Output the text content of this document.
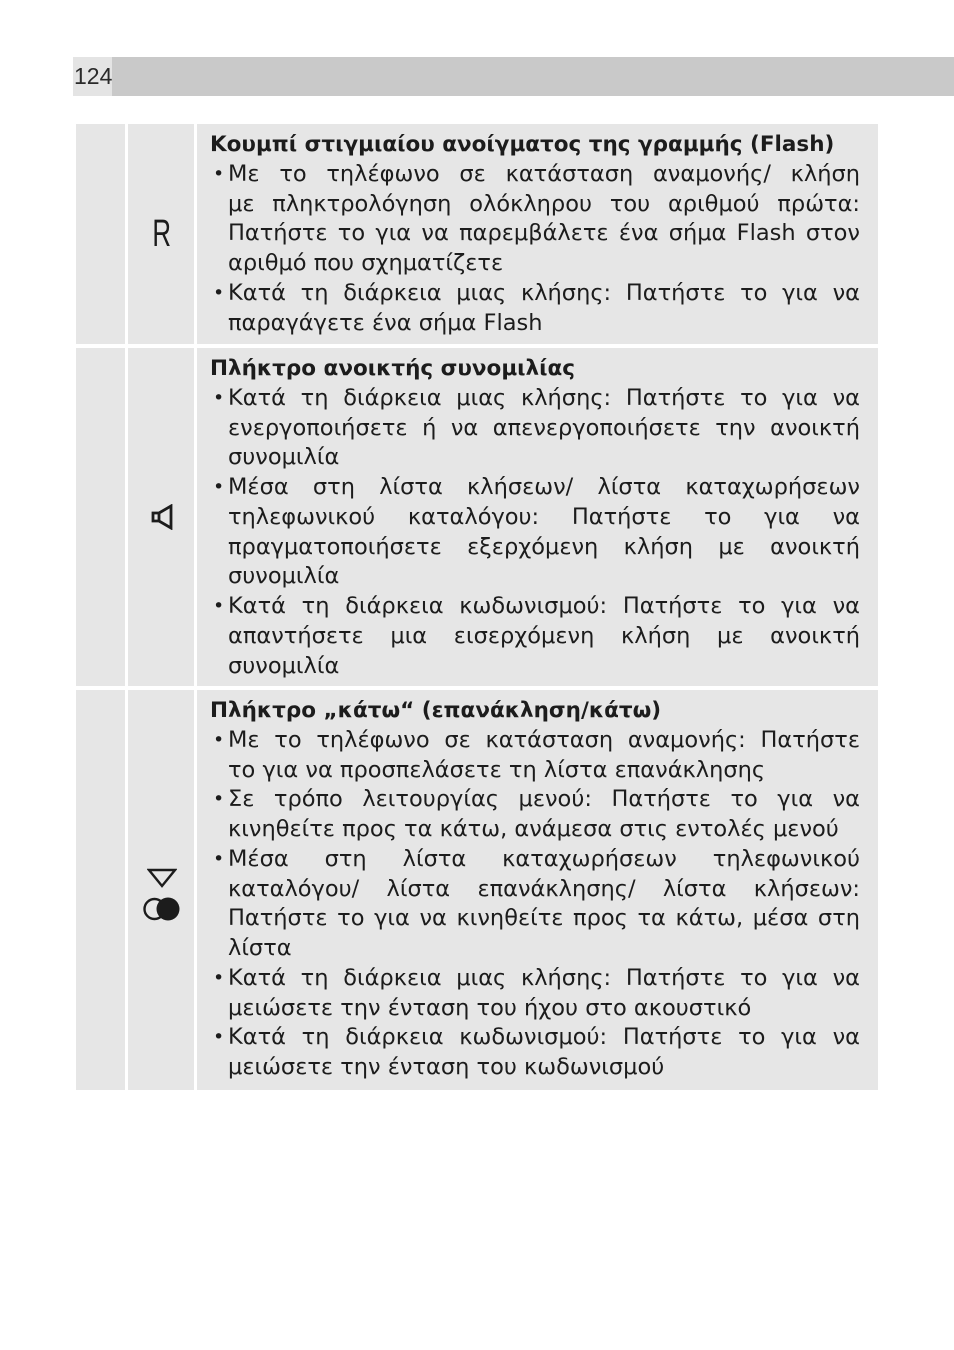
124
R
Κουμπί στιγμιαίου ανοίγματος της γραμμής (Flash)
• Με το τηλέφωνο σε κατάσταση αναμονής/ κλήση
με πληκτρολόγηση ολόκληρου του αριθμού πρώτα:
Πατήστε το για να παρεμβάλετε ένα σήμα Flash στον
αριθμό που σχηματίζετε
• Κατά τη διάρκεια μιας κλήσης: Πατήστε το για να
παραγάγετε ένα σήμα Flash
Πλήκτρο ανοικτής συνομιλίας
• Κατά τη διάρκεια μιας κλήσης: Πατήστε το για να
ενεργοποιήσετε ή να απενεργοποιήσετε την ανοικτή
συνομιλία
• Μέσα στη λίστα κλήσεων/ λίστα καταχωρήσεων
τηλεφωνικού καταλόγου: Πατήστε το για να
πραγματοποιήσετε εξερχόμενη κλήση με ανοικτή
συνομιλία
• Κατά τη διάρκεια κωδωνισμού: Πατήστε το για να
απαντήσετε μια εισερχόμενη κλήση με ανοικτή
συνομιλία
Πλήκτρο „κάτω“ (επανάκληση/κάτω)
• Με το τηλέφωνο σε κατάσταση αναμονής: Πατήστε
το για να προσπελάσετε τη λίστα επανάκλησης
• Σε τρόπο λειτουργίας μενού: Πατήστε το για να
κινηθείτε προς τα κάτω, ανάμεσα στις εντολές μενού
• Μέσα στη λίστα καταχωρήσεων τηλεφωνικού
καταλόγου/ λίστα επανάκλησης/ λίστα κλήσεων:
Πατήστε το για να κινηθείτε προς τα κάτω, μέσα στη
λίστα
• Κατά τη διάρκεια μιας κλήσης: Πατήστε το για να
μειώσετε την ένταση του ήχου στο ακουστικό
• Κατά τη διάρκεια κωδωνισμού: Πατήστε το για να
μειώσετε την ένταση του κωδωνισμού
